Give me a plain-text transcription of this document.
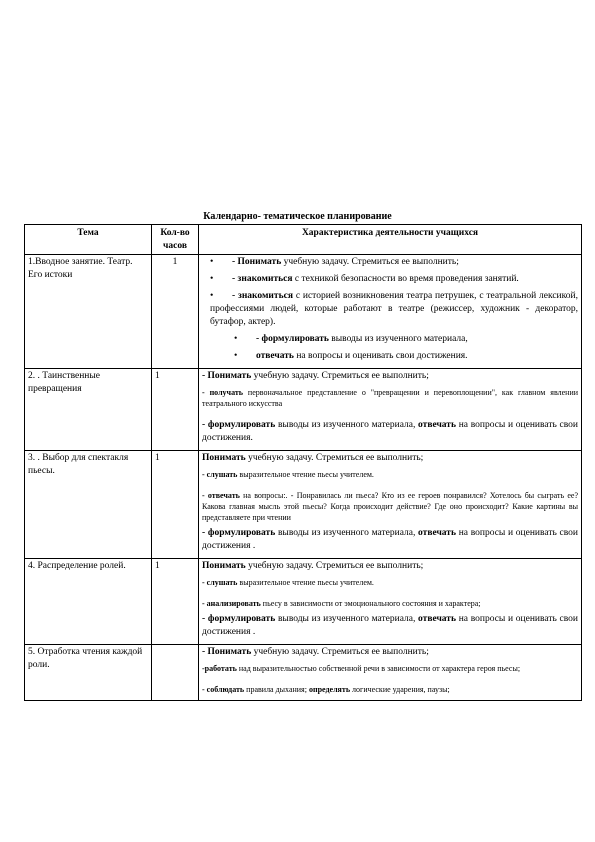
Календарно- тематическое планирование
Тема	Кол-во часов	Характеристика деятельности учащихся
1.Вводное занятие. Театр. Его истоки	1	• - Понимать учебную задачу. Стремиться ее выполнить;
• - знакомиться с техникой безопасности во время проведения занятий.
• - знакомиться с историей возникновения театра петрушек, с театральной лексикой, профессиями людей, которые работают в театре (режиссер, художник - декоратор, бутафор, актер).
• - формулировать выводы из изученного материала,
• отвечать на вопросы и оценивать свои достижения.

2. . Таинственные превращения	1	- Понимать учебную задачу. Стремиться ее выполнить;
- получать первоначальное представление о "превращении и перевоплощении", как главном явлении театрального искусства
- формулировать выводы из изученного материала, отвечать на вопросы и оценивать свои достижения.

3. . Выбор для спектакля пьесы.	1	Понимать учебную задачу. Стремиться ее выполнить;
- слушать выразительное чтение пьесы учителем.
- отвечать на вопросы:. - Понравилась ли пьеса? Кто из ее героев понравился? Хотелось бы сыграть ее? Какова главная мысль этой пьесы? Когда происходит действие? Где оно происходит? Какие картины вы представляете при чтении
- формулировать выводы из изученного материала, отвечать на вопросы и оценивать свои достижения .

4. Распределение ролей.	1	Понимать учебную задачу. Стремиться ее выполнить;
- слушать выразительное чтение пьесы учителем.
- анализировать пьесу в зависимости от эмоционального состояния и характера;
- формулировать выводы из изученного материала, отвечать на вопросы и оценивать свои достижения .

5. Отработка чтения каждой роли.		- Понимать учебную задачу. Стремиться ее выполнить;
-работать над выразительностью собственной речи в зависимости от характера героя пьесы;
- соблюдать правила дыхания; определять логические ударения, паузы;
